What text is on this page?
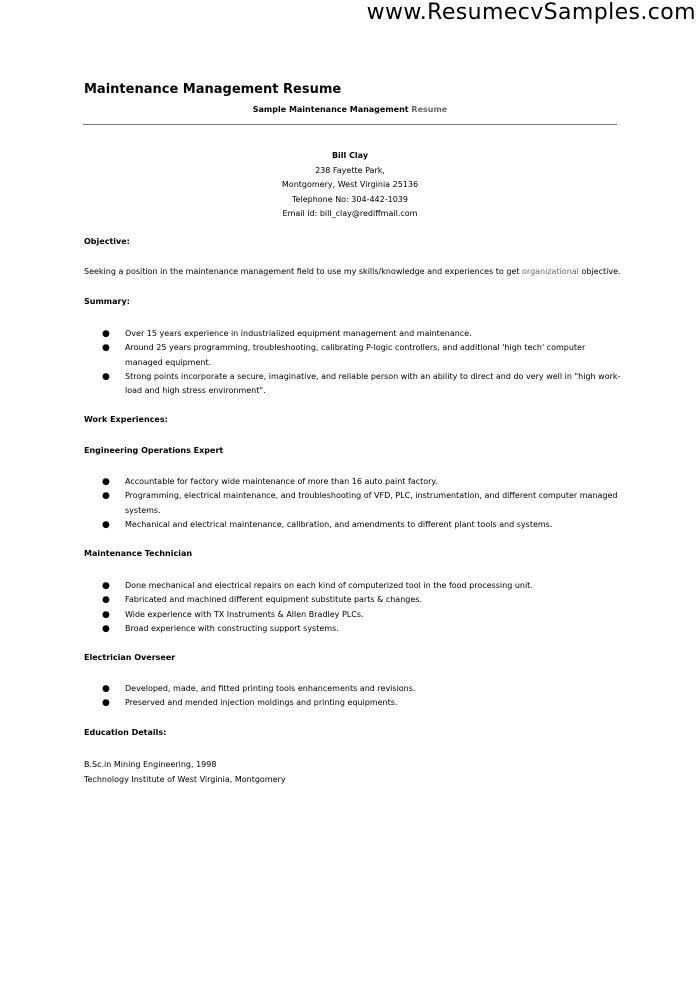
www.ResumecvSamples.com
Maintenance Management Resume
Sample Maintenance Management Resume
Bill Clay
238 Fayette Park,
Montgomery, West Virginia 25136
Telephone No: 304-442-1039
Email id: bill_clay@rediffmail.com
Objective:
Seeking a position in the maintenance management field to use my skills/knowledge and experiences to get organizational objective.
Summary:
● Over 15 years experience in industrialized equipment management and maintenance.
● Around 25 years programming, troubleshooting, calibrating P-logic controllers, and additional 'high tech' computer managed equipment.
● Strong points incorporate a secure, imaginative, and reliable person with an ability to direct and do very well in "high work-load and high stress environment".
Work Experiences:
Engineering Operations Expert
● Accountable for factory wide maintenance of more than 16 auto paint factory.
● Programming, electrical maintenance, and troubleshooting of VFD, PLC, instrumentation, and different computer managed systems.
● Mechanical and electrical maintenance, calibration, and amendments to different plant tools and systems.
Maintenance Technician
● Done mechanical and electrical repairs on each kind of computerized tool in the food processing unit.
● Fabricated and machined different equipment substitute parts & changes.
● Wide experience with TX Instruments & Allen Bradley PLCs.
● Broad experience with constructing support systems.
Electrician Overseer
● Developed, made, and fitted printing tools enhancements and revisions.
● Preserved and mended injection moldings and printing equipments.
Education Details:
B.Sc.in Mining Engineering, 1998
Technology Institute of West Virginia, Montgomery
